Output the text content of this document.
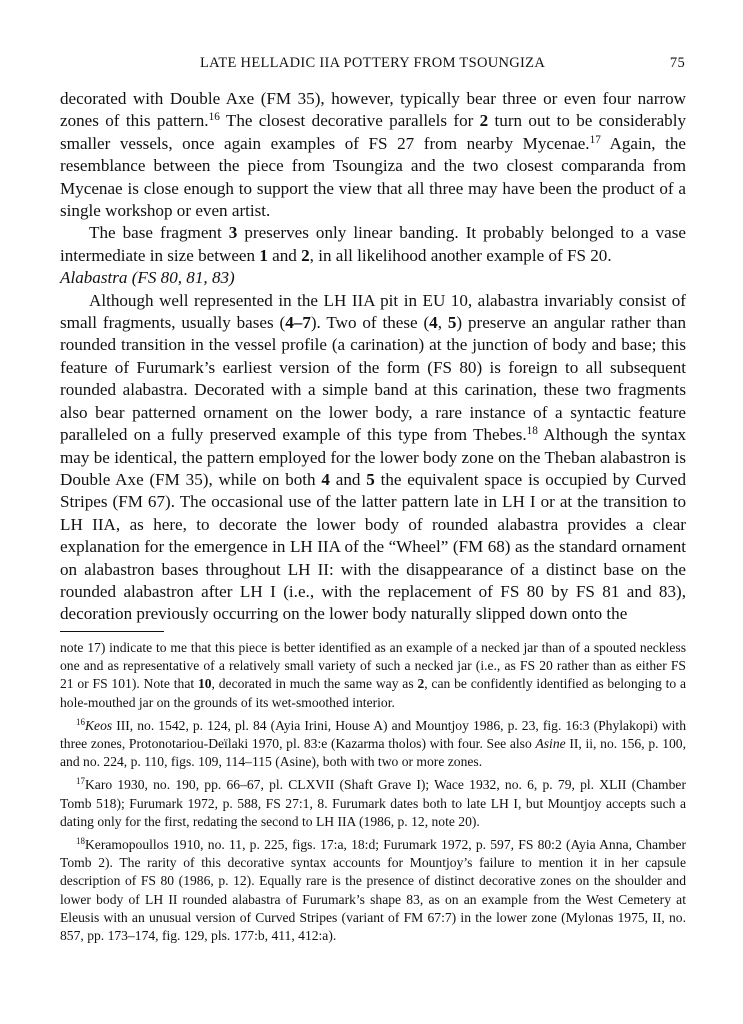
LATE HELLADIC IIA POTTERY FROM TSOUNGIZA	75

decorated with Double Axe (FM 35), however, typically bear three or even four narrow zones of this pattern.$^{16}$ The closest decorative parallels for 2 turn out to be considerably smaller vessels, once again examples of FS 27 from nearby Mycenae.$^{17}$ Again, the resemblance between the piece from Tsoungiza and the two closest comparanda from Mycenae is close enough to support the view that all three may have been the product of a single workshop or even artist.

The base fragment 3 preserves only linear banding. It probably belonged to a vase intermediate in size between 1 and 2, in all likelihood another example of FS 20.

Alabastra (FS 80, 81, 83)

Although well represented in the LH IIA pit in EU 10, alabastra invariably consist of small fragments, usually bases (4–7). Two of these (4, 5) preserve an angular rather than rounded transition in the vessel profile (a carination) at the junction of body and base; this feature of Furumark’s earliest version of the form (FS 80) is foreign to all subsequent rounded alabastra. Decorated with a simple band at this carination, these two fragments also bear patterned ornament on the lower body, a rare instance of a syntactic feature paralleled on a fully preserved example of this type from Thebes.$^{18}$ Although the syntax may be identical, the pattern employed for the lower body zone on the Theban alabastron is Double Axe (FM 35), while on both 4 and 5 the equivalent space is occupied by Curved Stripes (FM 67). The occasional use of the latter pattern late in LH I or at the transition to LH IIA, as here, to decorate the lower body of rounded alabastra provides a clear explanation for the emergence in LH IIA of the “Wheel” (FM 68) as the standard ornament on alabastron bases throughout LH II: with the disappearance of a distinct base on the rounded alabastron after LH I (i.e., with the replacement of FS 80 by FS 81 and 83), decoration previously occurring on the lower body naturally slipped down onto the

note 17) indicate to me that this piece is better identified as an example of a necked jar than of a spouted neckless one and as representative of a relatively small variety of such a necked jar (i.e., as FS 20 rather than as either FS 21 or FS 101). Note that 10, decorated in much the same way as 2, can be confidently identified as belonging to a hole-mouthed jar on the grounds of its wet-smoothed interior.

$^{16}$Keos III, no. 1542, p. 124, pl. 84 (Ayia Irini, House A) and Mountjoy 1986, p. 23, fig. 16:3 (Phylakopi) with three zones, Protonotariou-Deïlaki 1970, pl. 83:e (Kazarma tholos) with four. See also Asine II, ii, no. 156, p. 100, and no. 224, p. 110, figs. 109, 114–115 (Asine), both with two or more zones.

$^{17}$Karo 1930, no. 190, pp. 66–67, pl. CLXVII (Shaft Grave I); Wace 1932, no. 6, p. 79, pl. XLII (Chamber Tomb 518); Furumark 1972, p. 588, FS 27:1, 8. Furumark dates both to late LH I, but Mountjoy accepts such a dating only for the first, redating the second to LH IIA (1986, p. 12, note 20).

$^{18}$Keramopoullos 1910, no. 11, p. 225, figs. 17:a, 18:d; Furumark 1972, p. 597, FS 80:2 (Ayia Anna, Chamber Tomb 2). The rarity of this decorative syntax accounts for Mountjoy’s failure to mention it in her capsule description of FS 80 (1986, p. 12). Equally rare is the presence of distinct decorative zones on the shoulder and lower body of LH II rounded alabastra of Furumark’s shape 83, as on an example from the West Cemetery at Eleusis with an unusual version of Curved Stripes (variant of FM 67:7) in the lower zone (Mylonas 1975, II, no. 857, pp. 173–174, fig. 129, pls. 177:b, 411, 412:a).
